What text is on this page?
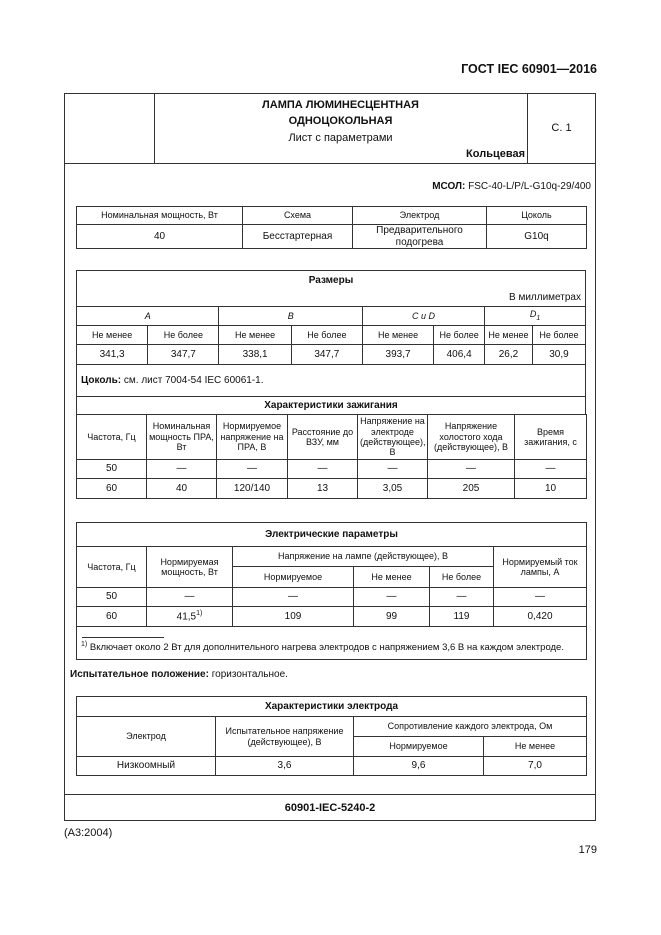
ГОСТ IEC 60901—2016
ЛАМПА ЛЮМИНЕСЦЕНТНАЯ
ОДНОЦОКОЛЬНАЯ
Лист с параметрами
Кольцевая
С. 1
МСОЛ: FSC-40-L/P/L-G10q-29/400
Номинальная мощность, Вт	Схема	Электрод	Цоколь
40	Бесстартерная	Предварительного подогрева	G10q
Размеры
В миллиметрах							

A		B		C и D		$D_1$
Не менее	Не более	Не менее	Не более	Не менее	Не более	Не менее	Не более
341,3	347,7	338,1	347,7	393,7	406,4	26,2	30,9
Цоколь: см. лист 7004-54 IEC 60061-1.							
Характеристики зажигания							
Частота, Гц	Номинальная мощность ПРА, Вт	Нормируемое напряжение на ПРА, В	Расстояние до ВЗУ, мм	Напряжение на электроде (действующее), В	Напряжение холостого хода (действующее), В	Время зажигания, с
50	—	—	—	—	—	—
60	40	120/140	13	3,05	205	10
Электрические параметры					
Частота, Гц	Нормируемая мощность, Вт	Напряжение на лампе (действующее), В			Нормируемый ток лампы, А
		Нормируемое	Не менее	Не более	
50	—	—	—	—	—
60	41,5$^{1)}$	109	99	119	0,420

$^{1)}$ Включает около 2 Вт для дополнительного нагрева электродов с напряжением 3,6 В на каждом электроде.					
Испытательное положение: горизонтальное.
Характеристики электрода			
Электрод	Испытательное напряжение (действующее), В	Сопротивление каждого электрода, Ом	
		Нормируемое	Не менее
Низкоомный	3,6	9,6	7,0
60901-IEC-5240-2
(A3:2004)
179
